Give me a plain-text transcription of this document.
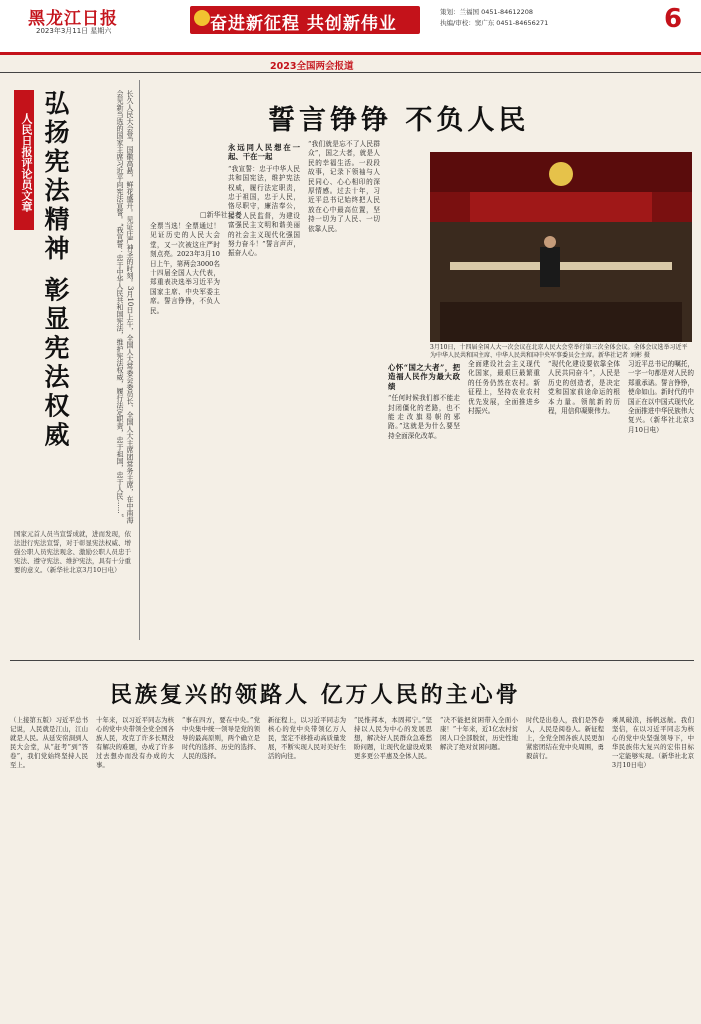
黑龙江日报
2023年3月11日 星期六	奋进新征程 共创新伟业
策划：兰福国 0451-84612208
执编/审校：窦广东 0451-84656271	6
2023全国两会报道
人民日报评论员文章 弘扬宪法精神 彰显宪法权威	长久人民大会堂，国徽高悬，鲜花盛开。见证庄严神圣的时刻。3月10日上午，全国人大常委会委员长、全国人大主席团常务主席，在中南海会见新当选的国家主席习近平向宪法宣誓。“我宣誓：忠于中华人民共和国宪法，维护宪法权威，履行法定职责，忠于祖国，忠于人民……”
国家元首人员当宣誓成就，进而发现，依法进行宪法宣誓，对于彰显宪法权威、增强公职人员宪法观念、激励公职人员忠于宪法、遵守宪法、维护宪法，具有十分重要的意义。（新华社北京3月10日电）
誓言铮铮 不负人民
□新华社记者
全票当选！全票通过！见证历史的人民大会堂，又一次被这庄严时刻点亮。2023年3月10日上午，第两会3000名十四届全国人大代表，郑重表决选举习近平为国家主席、中央军委主席。誓言铮铮，不负人民。
永远同人民想在一起、干在一起
“我宣誓：忠于中华人民共和国宪法，维护宪法权威，履行法定职责，忠于祖国，忠于人民，恪尽职守，廉洁奉公，接受人民监督，为建设富强民主文明和谐美丽的社会主义现代化强国努力奋斗！”誓言声声，振奋人心。
“我们就是忘不了人民群众”，国之大者，就是人民的幸福生活。一段段故事，记录下领袖与人民同心、心心相印的深厚情感。过去十年，习近平总书记始终把人民放在心中最高位置，坚持一切为了人民、一切依靠人民。
3月10日，十四届全国人大一次会议在北京人民大会堂举行第三次全体会议。全体会议选举习近平为中华人民共和国主席、中华人民共和国中央军事委员会主席。新华社记者 刘彬 摄
心怀“国之大者”，把造福人民作为最大政绩
“任何时候我们都不能走封闭僵化的老路，也不能走改旗易帜的邪路。”这就是为什么要坚持全面深化改革。
全面建设社会主义现代化国家，最艰巨最繁重的任务仍然在农村。新征程上，坚持农业农村优先发展，全面推进乡村振兴。
“现代化建设要依靠全体人民共同奋斗”，人民是历史的创造者，是决定党和国家前途命运的根本力量。领航新的历程，用信仰凝聚伟力。
习近平总书记的嘱托，一字一句都是对人民的郑重承诺。誓言铮铮，使命如山。新时代的中国正在以中国式现代化全面推进中华民族伟大复兴。（新华社北京3月10日电）
民族复兴的领路人 亿万人民的主心骨
（上接第五版）习近平总书记说，人民就是江山，江山就是人民。从延安窑洞到人民大会堂，从“赶考”到“答卷”，我们党始终坚持人民至上。
十年来，以习近平同志为核心的党中央带领全党全国各族人民，攻克了许多长期没有解决的难题，办成了许多过去想办而没有办成的大事。
“事在四方，要在中央。”党中央集中统一领导是党的领导的最高原则，两个确立是时代的选择、历史的选择、人民的选择。
新征程上，以习近平同志为核心的党中央带领亿万人民，坚定不移推动高质量发展，不断实现人民对美好生活的向往。
“民惟邦本，本固邦宁。”坚持以人民为中心的发展思想，解决好人民群众急难愁盼问题，让现代化建设成果更多更公平惠及全体人民。
“决不能把贫困带入全面小康！”十年来，近1亿农村贫困人口全部脱贫，历史性地解决了绝对贫困问题。
时代是出卷人，我们是答卷人，人民是阅卷人。新征程上，全党全国各族人民更加紧密团结在党中央周围，勇毅前行。
乘风破浪，扬帆远航。我们坚信，在以习近平同志为核心的党中央坚强领导下，中华民族伟大复兴的宏伟目标一定能够实现。（新华社北京3月10日电）
